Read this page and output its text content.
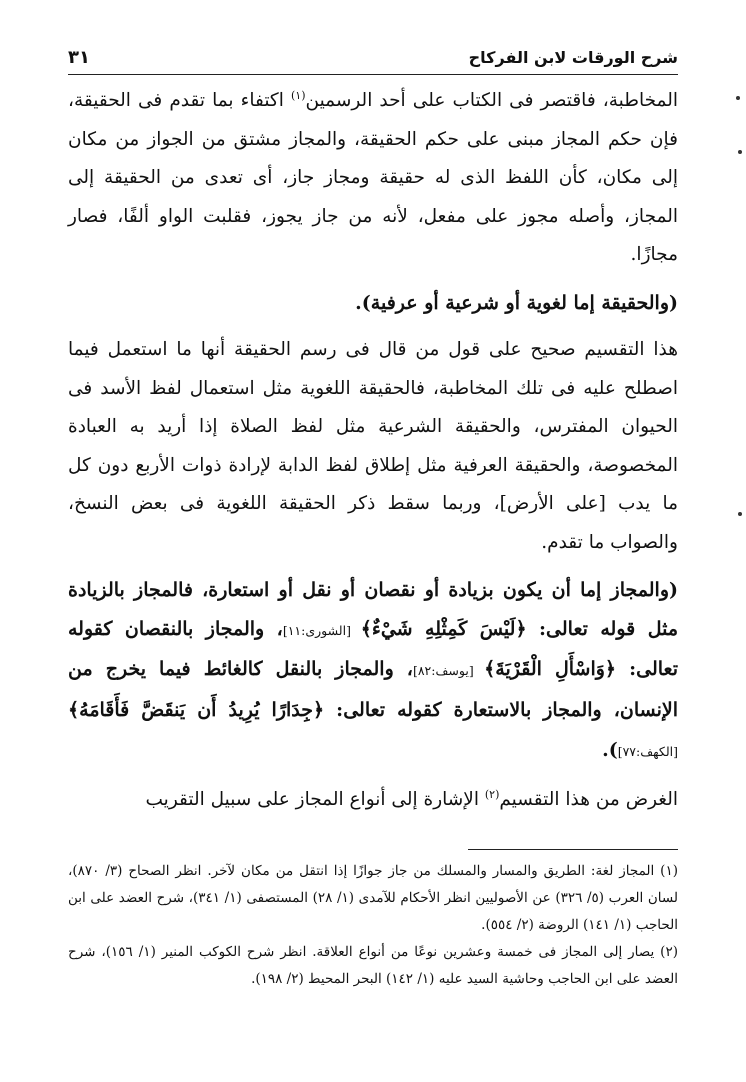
شرح الورقات لابن الفركاح
٣١

المخاطبة، فاقتصر فى الكتاب على أحد الرسمين$^{(١)}$ اكتفاء بما تقدم فى الحقيقة، فإن حكم المجاز مبنى على حكم الحقيقة، والمجاز مشتق من الجواز من مكان إلى مكان، كأن اللفظ الذى له حقيقة ومجاز جاز، أى تعدى من الحقيقة إلى المجاز، وأصله مجوز على مفعل، لأنه من جاز يجوز، فقلبت الواو ألفًا، فصار مجازًا.

(والحقيقة إما لغوية أو شرعية أو عرفية).

هذا التقسيم صحيح على قول من قال فى رسم الحقيقة أنها ما استعمل فيما اصطلح عليه فى تلك المخاطبة، فالحقيقة اللغوية مثل استعمال لفظ الأسد فى الحيوان المفترس، والحقيقة الشرعية مثل لفظ الصلاة إذا أريد به العبادة المخصوصة، والحقيقة العرفية مثل إطلاق لفظ الدابة لإرادة ذوات الأربع دون كل ما يدب [على الأرض]، وربما سقط ذكر الحقيقة اللغوية فى بعض النسخ، والصواب ما تقدم.

(والمجاز إما أن يكون بزيادة أو نقصان أو نقل أو استعارة، فالمجاز بالزيادة مثل قوله تعالى: ﴿لَيْسَ كَمِثْلِهِ شَيْءٌ﴾ [الشورى:١١]، والمجاز بالنقصان كقوله تعالى: ﴿وَاسْأَلِ الْقَرْيَةَ﴾ [يوسف:٨٢]، والمجاز بالنقل كالغائط فيما يخرج من الإنسان، والمجاز بالاستعارة كقوله تعالى: ﴿جِدَارًا يُرِيدُ أَن يَنقَضَّ فَأَقَامَهُ﴾ [الكهف:٧٧]).

الغرض من هذا التقسيم$^{(٢)}$ الإشارة إلى أنواع المجاز على سبيل التقريب

(١) المجاز لغة: الطريق والمسار والمسلك من جاز جوازًا إذا انتقل من مكان لآخر. انظر الصحاح (٣/ ٨٧٠)، لسان العرب (٥/ ٣٢٦) عن الأصوليين انظر الأحكام للآمدى (١/ ٢٨) المستصفى (١/ ٣٤١)، شرح العضد على ابن الحاجب (١/ ١٤١) الروضة (٢/ ٥٥٤).

(٢) يصار إلى المجاز فى خمسة وعشرين نوعًا من أنواع العلاقة. انظر شرح الكوكب المنير (١/ ١٥٦)، شرح العضد على ابن الحاجب وحاشية السيد عليه (١/ ١٤٢) البحر المحيط (٢/ ١٩٨).
